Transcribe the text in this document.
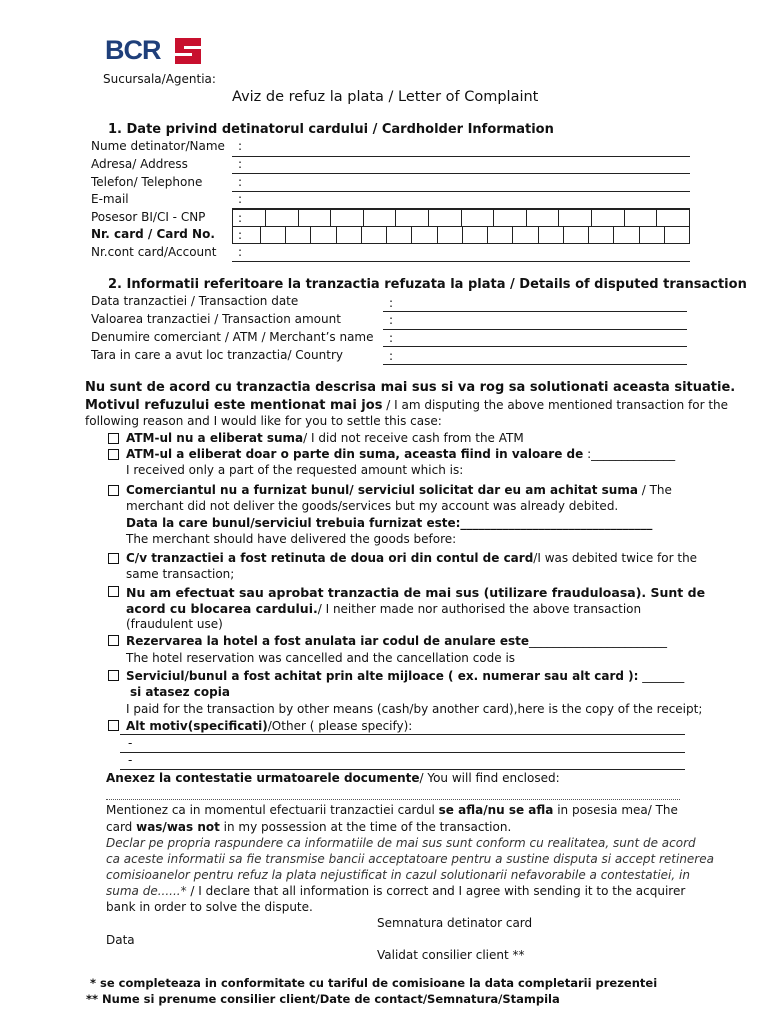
BCR
Sucursala/Agentia:
Aviz de refuz la plata / Letter of Complaint
1. Date privind detinatorul cardului / Cardholder Information
Nume detinator/Name :
Adresa/ Address	:
Telefon/ Telephone	:
E-mail	:
Posesor BI/CI - CNP	:													
Nr. card / Card No. :																	
Nr.cont card/Account :
2. Informatii referitoare la tranzactia refuzata la plata / Details of disputed transaction
Data tranzactiei / Transaction date	:
Valoarea tranzactiei / Transaction amount	:
Denumire comerciant / ATM / Merchant’s name :
Tara in care a avut loc tranzactia/ Country	:
Nu sunt de acord cu tranzactia descrisa mai sus si va rog sa solutionati aceasta situatie.
Motivul refuzului este mentionat mai jos / I am disputing the above mentioned transaction for the
following reason and I would like for you to settle this case:
ATM-ul nu a eliberat suma/ I did not receive cash from the ATM
ATM-ul a eliberat doar o parte din suma, aceasta fiind in valoare de :______________
I received only a part of the requested amount which is:
Comerciantul nu a furnizat bunul/ serviciul solicitat dar eu am achitat suma / The
merchant did not deliver the goods/services but my account was already debited.
Data la care bunul/serviciul trebuia furnizat este:________________________________
The merchant should have delivered the goods before:
C/v tranzactiei a fost retinuta de doua ori din contul de card/I was debited twice for the
same transaction;
Nu am efectuat sau aprobat tranzactia de mai sus (utilizare frauduloasa). Sunt de
acord cu blocarea cardului./ I neither made nor authorised the above transaction
(fraudulent use)
Rezervarea la hotel a fost anulata iar codul de anulare este_______________________
The hotel reservation was cancelled and the cancellation code is
Serviciul/bunul a fost achitat prin alte mijloace ( ex. numerar sau alt card ): _______
si atasez copia
I paid for the transaction by other means (cash/by another card),here is the copy of the receipt;
Alt motiv(specificati)/Other ( please specify):
-
-
Anexez la contestatie urmatoarele documente/ You will find enclosed:
Mentionez ca in momentul efectuarii tranzactiei cardul se afla/nu se afla in posesia mea/ The
card was/was not in my possession at the time of the transaction.
Declar pe propria raspundere ca informatiile de mai sus sunt conform cu realitatea, sunt de acord
ca aceste informatii sa fie transmise bancii acceptatoare pentru a sustine disputa si accept retinerea
comisioanelor pentru refuz la plata nejustificat in cazul solutionarii nefavorabile a contestatiei, in
suma de......* / I declare that all information is correct and I agree with sending it to the acquirer
bank in order to solve the dispute.
Semnatura detinator card
Data
Validat consilier client **
* se completeaza in conformitate cu tariful de comisioane la data completarii prezentei
** Nume si prenume consilier client/Date de contact/Semnatura/Stampila
